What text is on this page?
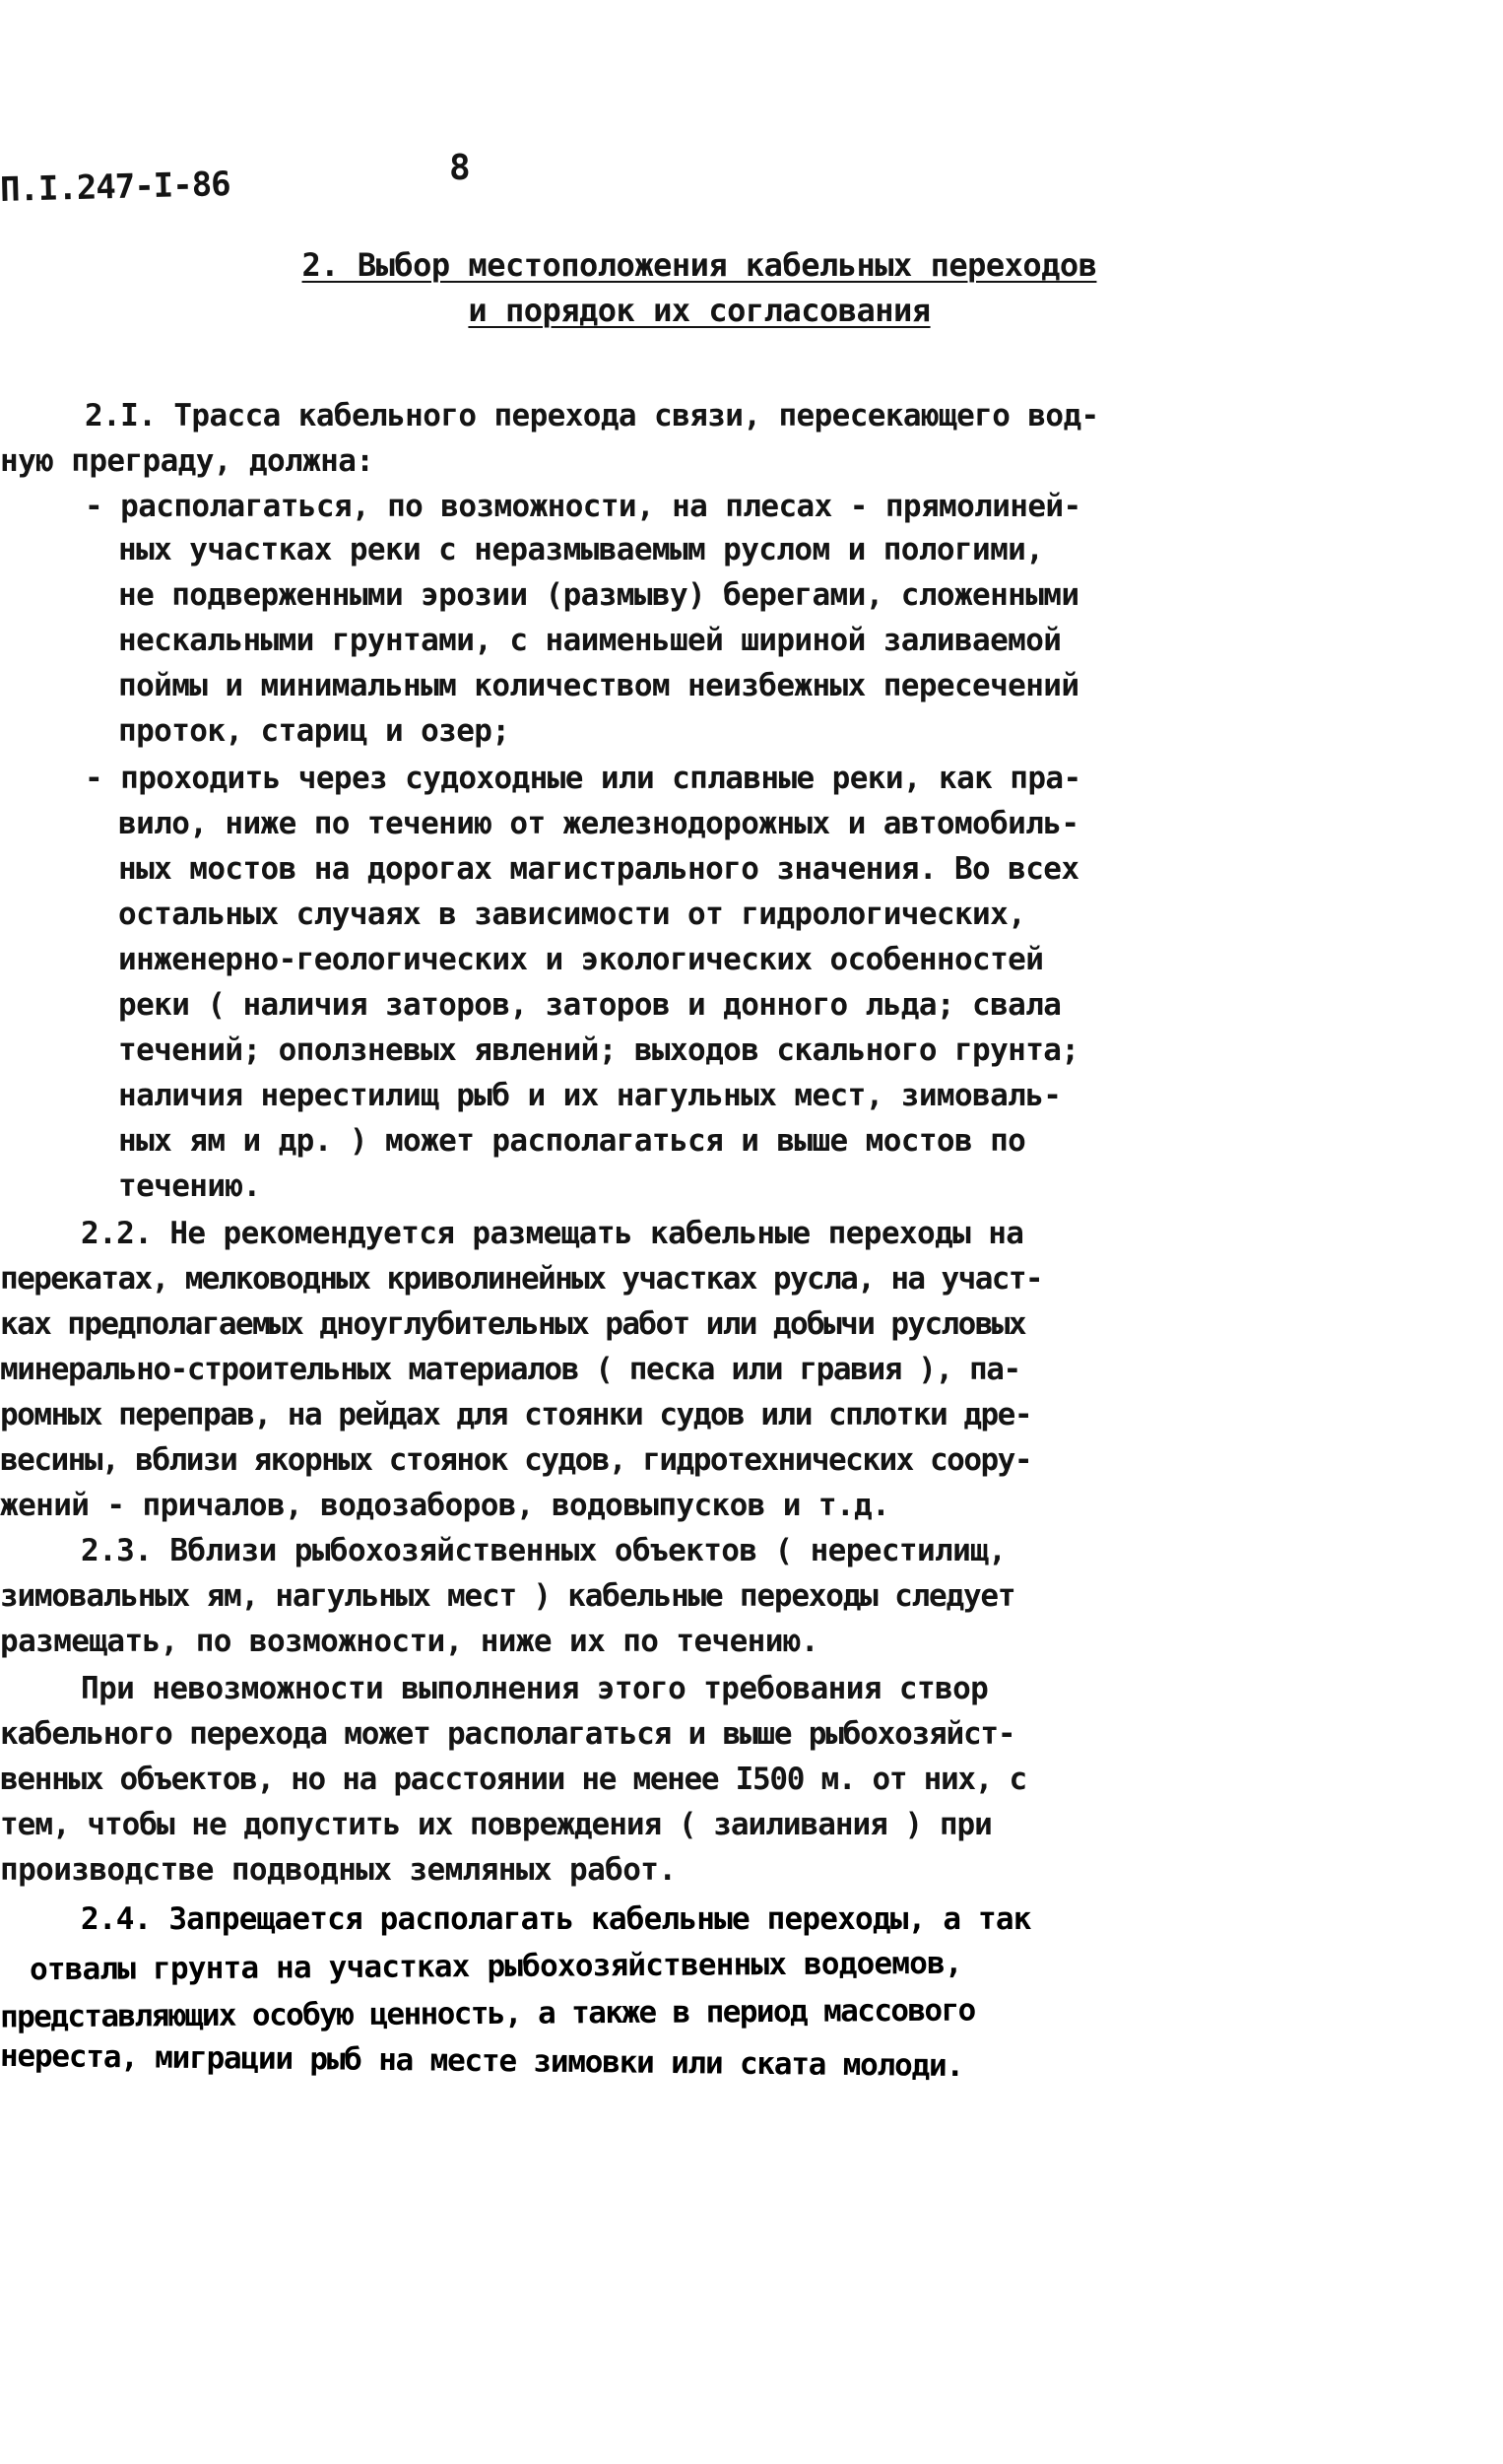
П.I.247-I-86	8
2. Выбор местоположения кабельных переходов
и порядок их согласования
2.I. Трасса кабельного перехода связи, пересекающего вод-
ную преграду, должна:
- располагаться, по возможности, на плесах - прямолиней-
ных участках реки с неразмываемым руслом и пологими,
не подверженными эрозии (размыву) берегами, сложенными
нескальными грунтами, с наименьшей шириной заливаемой
поймы и минимальным количеством неизбежных пересечений
проток, стариц и озер;
- проходить через судоходные или сплавные реки, как пра-
вило, ниже по течению от железнодорожных и автомобиль-
ных мостов на дорогах магистрального значения. Во всех
остальных случаях в зависимости от гидрологических,
инженерно-геологических и экологических особенностей
реки ( наличия заторов, заторов и донного льда; свала
течений; оползневых явлений; выходов скального грунта;
наличия нерестилищ рыб и их нагульных мест, зимоваль-
ных ям и др. ) может располагаться и выше мостов по
течению.
2.2. Не рекомендуется размещать кабельные переходы на
перекатах, мелководных криволинейных участках русла, на участ-
ках предполагаемых дноуглубительных работ или добычи русловых
минерально-строительных материалов ( песка или гравия ), па-
ромных переправ, на рейдах для стоянки судов или сплотки дре-
весины, вблизи якорных стоянок судов, гидротехнических соору-
жений - причалов, водозаборов, водовыпусков и т.д.
2.3. Вблизи рыбохозяйственных объектов ( нерестилищ,
зимовальных ям, нагульных мест ) кабельные переходы следует
размещать, по возможности, ниже их по течению.
При невозможности выполнения этого требования створ
кабельного перехода может располагаться и выше рыбохозяйст-
венных объектов, но на расстоянии не менее I500 м. от них, с
тем, чтобы не допустить их повреждения ( заиливания ) при
производстве подводных земляных работ.
2.4. Запрещается располагать кабельные переходы, а так
отвалы грунта на участках рыбохозяйственных водоемов,
представляющих особую ценность, а также в период массового
нереста, миграции рыб на месте зимовки или ската молоди.
